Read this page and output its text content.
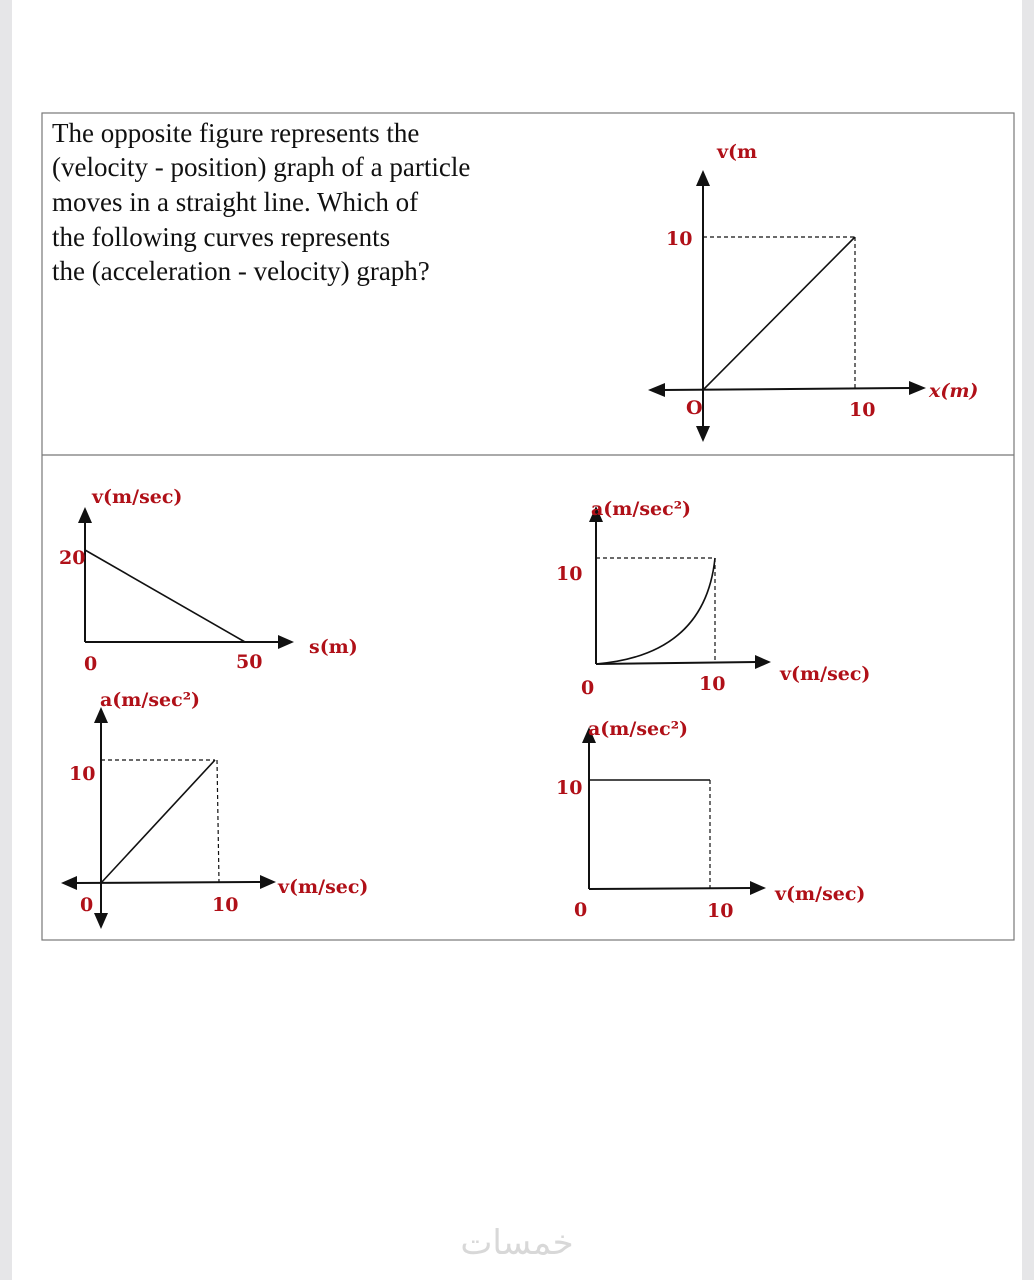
The opposite figure represents the
(velocity - position) graph of a particle
moves in a straight line. Which of
the following curves represents
the (acceleration - velocity) graph?
v(m
10
O	10
x(m)
v(m/sec)
20
0	50
s(m)
a(m/sec²)
10
0	10	v(m/sec)
a(m/sec²)
10
0	10
v(m/sec)
a(m/sec²)
10
0	10
v(m/sec)
خمسات
